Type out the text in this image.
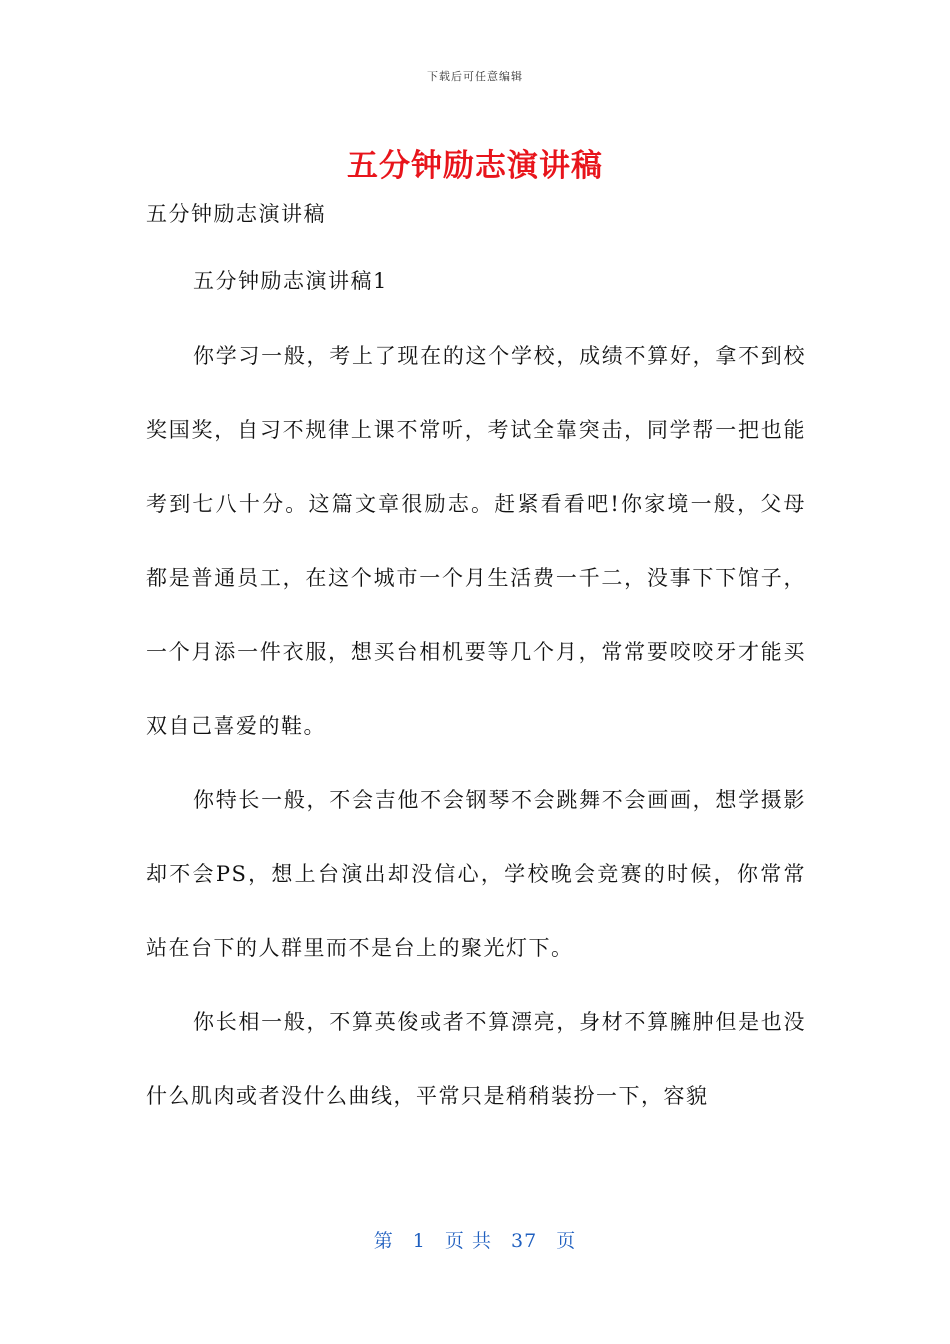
下载后可任意编辑
五分钟励志演讲稿

五分钟励志演讲稿

五分钟励志演讲稿1

你学习一般，考上了现在的这个学校，成绩不算好，拿不到校奖国奖，自习不规律上课不常听，考试全靠突击，同学帮一把也能考到七八十分。这篇文章很励志。赶紧看看吧!你家境一般，父母都是普通员工，在这个城市一个月生活费一千二，没事下下馆子，一个月添一件衣服，想买台相机要等几个月，常常要咬咬牙才能买双自己喜爱的鞋。

你特长一般，不会吉他不会钢琴不会跳舞不会画画，想学摄影却不会PS，想上台演出却没信心，学校晚会竞赛的时候，你常常站在台下的人群里而不是台上的聚光灯下。

你长相一般，不算英俊或者不算漂亮，身材不算臃肿但是也没什么肌肉或者没什么曲线，平常只是稍稍装扮一下，容貌

第 1 页 共 37 页
